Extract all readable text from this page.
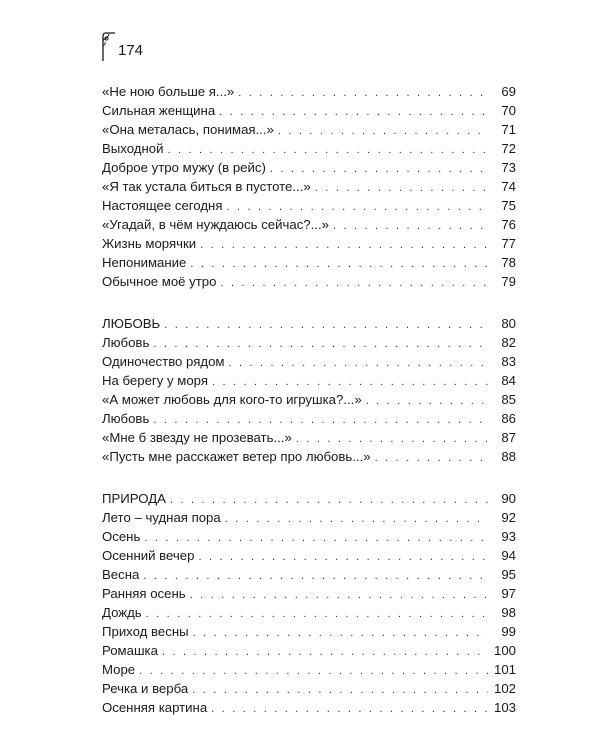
174
«Не ною больше я...» . . .	69
Сильная женщина . . .	70
«Она металась, понимая...» . . .	71
Выходной . . .	72
Доброе утро мужу (в рейс) . . .	73
«Я так устала биться в пустоте...» . . .	74
Настоящее сегодня . . .	75
«Угадай, в чём нуждаюсь сейчас?...» . . .	76
Жизнь морячки . . .	77
Непонимание . . .	78
Обычное моё утро . . .	79
ЛЮБОВЬ . . .	80
Любовь . . .	82
Одиночество рядом . . .	83
На берегу у моря . . .	84
«А может любовь для кого-то игрушка?...» . . .	85
Любовь . . .	86
«Мне б звезду не прозевать...» . . .	87
«Пусть мне расскажет ветер про любовь...» . . .	88
ПРИРОДА . . .	90
Лето – чудная пора . . .	92
Осень . . .	93
Осенний вечер . . .	94
Весна . . .	95
Ранняя осень . . .	97
Дождь . . .	98
Приход весны . . .	99
Ромашка . . .	100
Море . . .	101
Речка и верба . . .	102
Осенняя картина . . .	103
